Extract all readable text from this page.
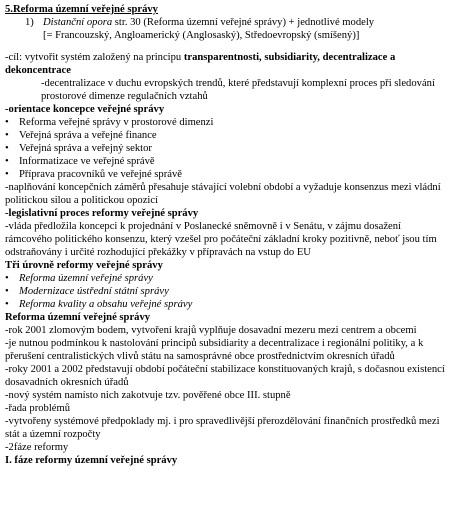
5.Reforma územní veřejné správy
1) Distanční opora str. 30 (Reforma územní veřejné správy) + jednotlivé modely
[= Francouzský, Angloamerický (Anglosaský), Středoevropský (smíšený)]
-cíl: vytvořit systém založený na principu transparentnosti, subsidiarity, decentralizace a
dekoncentrace
-decentralizace v duchu evropských trendů, které představují komplexní proces při sledování prostorové dimenze regulačních vztahů
-orientace koncepce veřejné správy
• Reforma veřejné správy v prostorové dimenzi
• Veřejná správa a veřejné finance
• Veřejná správa a veřejný sektor
• Informatizace ve veřejné správě
• Příprava pracovníků ve veřejné správě
-naplňování koncepčních záměrů přesahuje stávající volební období a vyžaduje konsenzus mezi vládní politickou silou a politickou opozicí
-legislativní proces reformy veřejné správy
-vláda předložila koncepci k projednání v Poslanecké sněmovně i v Senátu, v zájmu dosažení rámcového politického konsenzu, který vzešel pro počáteční základní kroky pozitivně, neboť jsou tím odstraňovány i určité rozhodující překážky v přípravách na vstup do EU
Tři úrovně reformy veřejné správy
• Reforma územní veřejné správy
• Modernizace ústřední státní správy
• Reforma kvality a obsahu veřejné správy
Reforma územní veřejné správy
-rok 2001 zlomovým bodem, vytvoření krajů vyplňuje dosavadní mezeru mezi centrem a obcemi
-je nutnou podmínkou k nastolování principů subsidiarity a decentralizace i regionální politiky, a k přerušení centralistických vlivů státu na samosprávné obce prostřednictvím okresních úřadů
-roky 2001 a 2002 představují období počáteční stabilizace konstituovaných krajů, s dočasnou existencí dosavadních okresních úřadů
-nový systém namísto nich zakotvuje tzv. pověřené obce III. stupně
-řada problémů
-vytvořeny systémové předpoklady mj. i pro spravedlivější přerozdělování finančních prostředků mezi stát a územní rozpočty
-2fáze reformy
I. fáze reformy územní veřejné správy
